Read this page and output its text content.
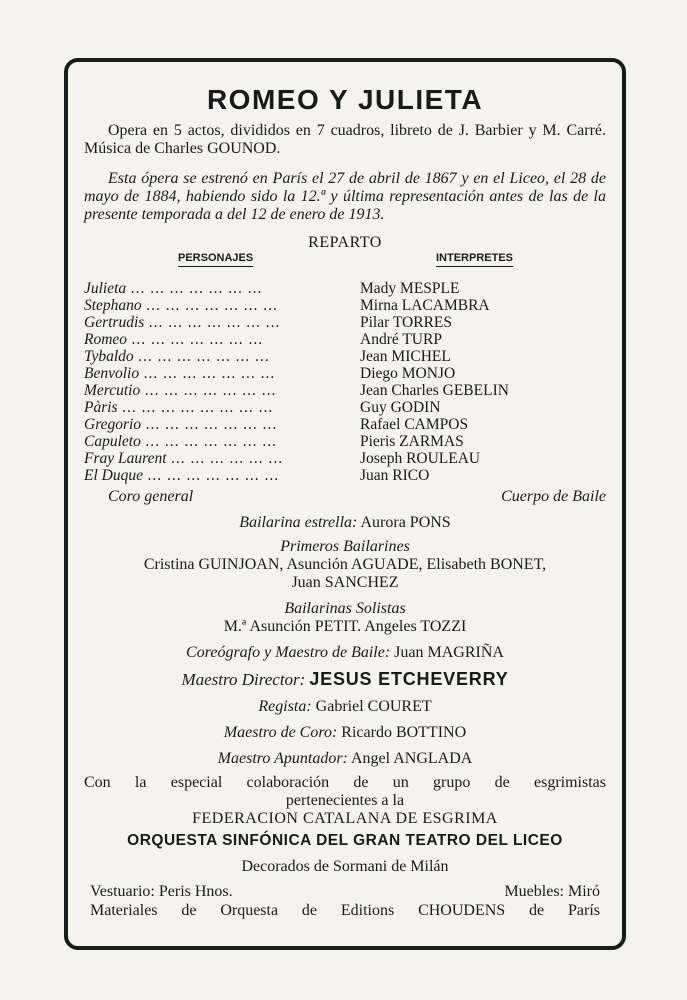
ROMEO Y JULIETA
Opera en 5 actos, divididos en 7 cuadros, libreto de J. Barbier y M. Carré. Música de Charles GOUNOD.
Esta ópera se estrenó en París el 27 de abril de 1867 y en el Liceo, el 28 de mayo de 1884, habiendo sido la 12.ª y última representación antes de las de la presente temporada a del 12 de enero de 1913.
REPARTO
PERSONAJES	INTERPRETES
Julieta ... ... ... ... ... ... ...	Mady MESPLE
Stephano ... ... ... ... ... ... ...	Mirna LACAMBRA
Gertrudis ... ... ... ... ... ... ...	Pilar TORRES
Romeo ... ... ... ... ... ... ...	André TURP
Tybaldo ... ... ... ... ... ... ...	Jean MICHEL
Benvolio ... ... ... ... ... ... ...	Diego MONJO
Mercutio ... ... ... ... ... ... ...	Jean Charles GEBELIN
Pàris ... ... ... ... ... ... ... ...	Guy GODIN
Gregorio ... ... ... ... ... ... ...	Rafael CAMPOS
Capuleto ... ... ... ... ... ... ...	Pieris ZARMAS
Fray Laurent ... ... ... ... ... ...	Joseph ROULEAU
El Duque ... ... ... ... ... ... ...	Juan RICO
Coro general	Cuerpo de Baile
Bailarina estrella: Aurora PONS
Primeros Bailarines
Cristina GUINJOAN, Asunción AGUADE, Elisabeth BONET,
Juan SANCHEZ
Bailarinas Solistas
M.ª Asunción PETIT. Angeles TOZZI
Coreógrafo y Maestro de Baile: Juan MAGRIÑA
Maestro Director: JESUS ETCHEVERRY
Regista: Gabriel COURET
Maestro de Coro: Ricardo BOTTINO
Maestro Apuntador: Angel ANGLADA
Con la especial colaboración de un grupo de esgrimistas
pertenecientes a la
FEDERACION CATALANA DE ESGRIMA
ORQUESTA SINFÓNICA DEL GRAN TEATRO DEL LICEO
Decorados de Sormani de Milán
Vestuario: Peris Hnos.	Muebles: Miró
Materiales de Orquesta de Editions CHOUDENS de París
